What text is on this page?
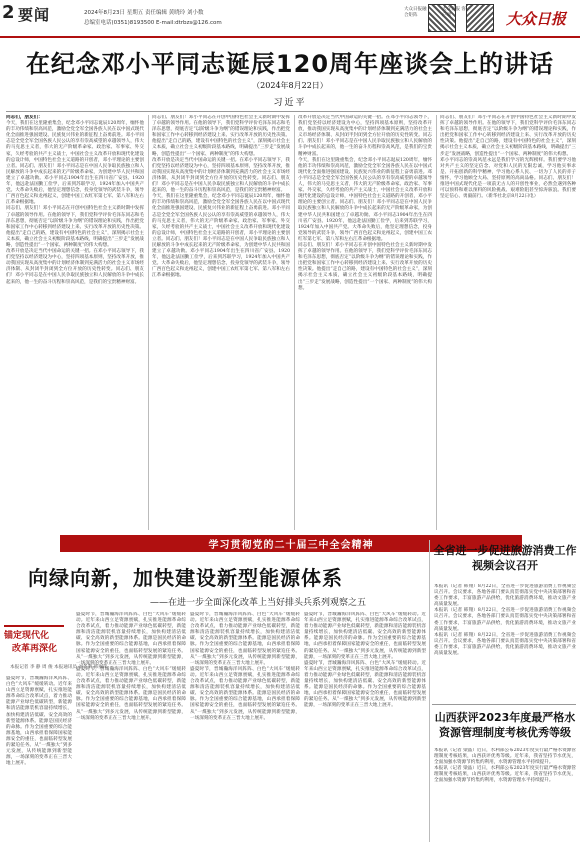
2 要闻	2024年8月23日 星期五 责任编辑 黄晓玲 刘小数
总编室电话(0351)8193500 E-mail:dtrbzs@126.com
大众日报融合矩阵
大众日报 客户端	大众日报
在纪念邓小平同志诞辰120周年座谈会上的讲话
（2024年8月22日）
习近平

同志们，朋友们：

今天，我们在这里隆重集会，纪念邓小平同志诞辰120周年，缅怀他的丰功伟绩和崇高风范，激励全党全军全国各族人民在以中国式现代化全面推进强国建设、民族复兴伟业的新征程上奋勇前进。邓小平同志是全党全军全国各族人民公认的享有崇高威望的卓越领导人，伟大的马克思主义者，伟大的无产阶级革命家、政治家、军事家、外交家，久经考验的共产主义战士，中国社会主义改革开放和现代化建设的总设计师，中国特色社会主义道路的开创者，邓小平理论的主要创立者。同志们、朋友们！邓小平同志是在中国人民争取民族独立和人民解放的斗争中成长起来的无产阶级革命家，为创建中华人民共和国建立了卓越功勋。邓小平同志1904年出生在四川省广安县。1920年，他远赴法国勤工俭学，后来到苏联学习，1924年加入中国共产党。大革命失败后，他坚定理想信念，投身党领导的武装斗争，领导广西百色起义和龙州起义，创建中国工农红军第七军、第八军和左右江革命根据地。

同志们、朋友们！邓小平同志在开创中国特色社会主义新时期中发挥了卓越的领导作用。在他的领导下，我们党科学评价毛泽东同志和毛泽东思想，彻底否定“以阶级斗争为纲”的错误理论和实践，作出把党和国家工作中心转移到经济建设上来、实行改革开放的历史性决策。他提出“走自己的路，建设有中国特色的社会主义”，深刻揭示社会主义本质，确立社会主义初级阶段基本路线，明确提出“三步走”发展战略，创造性提出“一个国家、两种制度”的伟大构想。

改革开放是决定当代中国命运的关键一招。在邓小平同志领导下，我们党坚持以经济建设为中心，坚持四项基本原则，坚持改革开放，推动我国实现从高度集中的计划经济体制到充满活力的社会主义市场经济体制、从封闭半封闭到全方位开放的历史性转变。同志们、朋友们！邓小平同志是在中国人民争取民族独立和人民解放的斗争中成长起来的，他一生的奋斗历程和崇高风范，是我们的宝贵精神财富。

同志们、朋友们！邓小平同志在开创中国特色社会主义新时期中发挥了卓越的领导作用。在他的领导下，我们党科学评价毛泽东同志和毛泽东思想，彻底否定“以阶级斗争为纲”的错误理论和实践，作出把党和国家工作中心转移到经济建设上来、实行改革开放的历史性决策。他提出“走自己的路，建设有中国特色的社会主义”，深刻揭示社会主义本质，确立社会主义初级阶段基本路线，明确提出“三步走”发展战略，创造性提出“一个国家、两种制度”的伟大构想。

改革开放是决定当代中国命运的关键一招。在邓小平同志领导下，我们党坚持以经济建设为中心，坚持四项基本原则，坚持改革开放，推动我国实现从高度集中的计划经济体制到充满活力的社会主义市场经济体制、从封闭半封闭到全方位开放的历史性转变。同志们、朋友们！邓小平同志是在中国人民争取民族独立和人民解放的斗争中成长起来的，他一生的奋斗历程和崇高风范，是我们的宝贵精神财富。

今天，我们在这里隆重集会，纪念邓小平同志诞辰120周年，缅怀他的丰功伟绩和崇高风范，激励全党全军全国各族人民在以中国式现代化全面推进强国建设、民族复兴伟业的新征程上奋勇前进。邓小平同志是全党全军全国各族人民公认的享有崇高威望的卓越领导人，伟大的马克思主义者，伟大的无产阶级革命家、政治家、军事家、外交家，久经考验的共产主义战士，中国社会主义改革开放和现代化建设的总设计师，中国特色社会主义道路的开创者，邓小平理论的主要创立者。同志们、朋友们！邓小平同志是在中国人民争取民族独立和人民解放的斗争中成长起来的无产阶级革命家，为创建中华人民共和国建立了卓越功勋。邓小平同志1904年出生在四川省广安县。1920年，他远赴法国勤工俭学，后来到苏联学习，1924年加入中国共产党。大革命失败后，他坚定理想信念，投身党领导的武装斗争，领导广西百色起义和龙州起义，创建中国工农红军第七军、第八军和左右江革命根据地。

改革开放是决定当代中国命运的关键一招。在邓小平同志领导下，我们党坚持以经济建设为中心，坚持四项基本原则，坚持改革开放，推动我国实现从高度集中的计划经济体制到充满活力的社会主义市场经济体制、从封闭半封闭到全方位开放的历史性转变。同志们、朋友们！邓小平同志是在中国人民争取民族独立和人民解放的斗争中成长起来的，他一生的奋斗历程和崇高风范，是我们的宝贵精神财富。

今天，我们在这里隆重集会，纪念邓小平同志诞辰120周年，缅怀他的丰功伟绩和崇高风范，激励全党全军全国各族人民在以中国式现代化全面推进强国建设、民族复兴伟业的新征程上奋勇前进。邓小平同志是全党全军全国各族人民公认的享有崇高威望的卓越领导人，伟大的马克思主义者，伟大的无产阶级革命家、政治家、军事家、外交家，久经考验的共产主义战士，中国社会主义改革开放和现代化建设的总设计师，中国特色社会主义道路的开创者，邓小平理论的主要创立者。同志们、朋友们！邓小平同志是在中国人民争取民族独立和人民解放的斗争中成长起来的无产阶级革命家，为创建中华人民共和国建立了卓越功勋。邓小平同志1904年出生在四川省广安县。1920年，他远赴法国勤工俭学，后来到苏联学习，1924年加入中国共产党。大革命失败后，他坚定理想信念，投身党领导的武装斗争，领导广西百色起义和龙州起义，创建中国工农红军第七军、第八军和左右江革命根据地。

同志们、朋友们！邓小平同志在开创中国特色社会主义新时期中发挥了卓越的领导作用。在他的领导下，我们党科学评价毛泽东同志和毛泽东思想，彻底否定“以阶级斗争为纲”的错误理论和实践，作出把党和国家工作中心转移到经济建设上来、实行改革开放的历史性决策。他提出“走自己的路，建设有中国特色的社会主义”，深刻揭示社会主义本质，确立社会主义初级阶段基本路线，明确提出“三步走”发展战略，创造性提出“一个国家、两种制度”的伟大构想。

同志们、朋友们！邓小平同志在开创中国特色社会主义新时期中发挥了卓越的领导作用。在他的领导下，我们党科学评价毛泽东同志和毛泽东思想，彻底否定“以阶级斗争为纲”的错误理论和实践，作出把党和国家工作中心转移到经济建设上来、实行改革开放的历史性决策。他提出“走自己的路，建设有中国特色的社会主义”，深刻揭示社会主义本质，确立社会主义初级阶段基本路线，明确提出“三步走”发展战略，创造性提出“一个国家、两种制度”的伟大构想。

邓小平同志的崇高风范永远是我们学习的光辉榜样。我们要学习他对共产主义的坚定信念、对党和人民的无限忠诚，学习他实事求是、开拓创新的科学精神，学习他心系人民、一切为了人民的赤子情怀，学习他顾全大局、坚持原则的高尚品格。同志们、朋友们！推进中国式现代化是一项前无古人的开创性事业，必然会遇到各种可以预料和难以预料的风险挑战、艰难险阻甚至惊涛骇浪。我们要坚定信心、勇毅前行。（新华社北京8月22日电）

学习贯彻党的二十届三中全会精神
向绿向新，加快建设新型能源体系
——在进一步全面深化改革上当好排头兵系列观察之五
锚定现代化
改革再深化
本报记者 李 静 周 俊 本报通讯员 刘冬利 韩丽萍

盛夏时节，晋城瀚海洋风阵阵、白色“大风车”缓缓转动。近年来山西立足资源禀赋，扎实推进能源革命综合改革试点，着力推动能源产业绿色低碳转型，新能源和清洁能源装机容量持续增长，加快构建清洁低碳、安全高效的新型能源体系。能源是国民经济的命脉。作为全国重要的综合能源基地，山西承担着保障国家能源安全的重任，也面临转型发展的紧迫任务。从“一煤独大”到多元发展，从传统能源到新型能源，一场深刻的变革正在三晋大地上展开。

盛夏时节，晋城瀚海洋风阵阵、白色“大风车”缓缓转动。近年来山西立足资源禀赋，扎实推进能源革命综合改革试点，着力推动能源产业绿色低碳转型，新能源和清洁能源装机容量持续增长，加快构建清洁低碳、安全高效的新型能源体系。能源是国民经济的命脉。作为全国重要的综合能源基地，山西承担着保障国家能源安全的重任，也面临转型发展的紧迫任务。从“一煤独大”到多元发展，从传统能源到新型能源，一场深刻的变革正在三晋大地上展开。

盛夏时节，晋城瀚海洋风阵阵、白色“大风车”缓缓转动。近年来山西立足资源禀赋，扎实推进能源革命综合改革试点，着力推动能源产业绿色低碳转型，新能源和清洁能源装机容量持续增长，加快构建清洁低碳、安全高效的新型能源体系。能源是国民经济的命脉。作为全国重要的综合能源基地，山西承担着保障国家能源安全的重任，也面临转型发展的紧迫任务。从“一煤独大”到多元发展，从传统能源到新型能源，一场深刻的变革正在三晋大地上展开。

盛夏时节，晋城瀚海洋风阵阵、白色“大风车”缓缓转动。近年来山西立足资源禀赋，扎实推进能源革命综合改革试点，着力推动能源产业绿色低碳转型，新能源和清洁能源装机容量持续增长，加快构建清洁低碳、安全高效的新型能源体系。能源是国民经济的命脉。作为全国重要的综合能源基地，山西承担着保障国家能源安全的重任，也面临转型发展的紧迫任务。从“一煤独大”到多元发展，从传统能源到新型能源，一场深刻的变革正在三晋大地上展开。

盛夏时节，晋城瀚海洋风阵阵、白色“大风车”缓缓转动。近年来山西立足资源禀赋，扎实推进能源革命综合改革试点，着力推动能源产业绿色低碳转型，新能源和清洁能源装机容量持续增长，加快构建清洁低碳、安全高效的新型能源体系。能源是国民经济的命脉。作为全国重要的综合能源基地，山西承担着保障国家能源安全的重任，也面临转型发展的紧迫任务。从“一煤独大”到多元发展，从传统能源到新型能源，一场深刻的变革正在三晋大地上展开。

盛夏时节，晋城瀚海洋风阵阵、白色“大风车”缓缓转动。近年来山西立足资源禀赋，扎实推进能源革命综合改革试点，着力推动能源产业绿色低碳转型，新能源和清洁能源装机容量持续增长，加快构建清洁低碳、安全高效的新型能源体系。能源是国民经济的命脉。作为全国重要的综合能源基地，山西承担着保障国家能源安全的重任，也面临转型发展的紧迫任务。从“一煤独大”到多元发展，从传统能源到新型能源，一场深刻的变革正在三晋大地上展开。

盛夏时节，晋城瀚海洋风阵阵、白色“大风车”缓缓转动。近年来山西立足资源禀赋，扎实推进能源革命综合改革试点，着力推动能源产业绿色低碳转型，新能源和清洁能源装机容量持续增长，加快构建清洁低碳、安全高效的新型能源体系。能源是国民经济的命脉。作为全国重要的综合能源基地，山西承担着保障国家能源安全的重任，也面临转型发展的紧迫任务。从“一煤独大”到多元发展，从传统能源到新型能源，一场深刻的变革正在三晋大地上展开。

全省进一步促进旅游消费工作视频会议召开

本报讯（记者 韩翔）8月22日，全省进一步促进旅游消费工作视频会议召开。会议要求，各地各部门要认真贯彻落实党中央决策部署和省委工作要求，丰富旅游产品供给，优化旅游消费环境，推动文旅产业高质量发展。

本报讯（记者 韩翔）8月22日，全省进一步促进旅游消费工作视频会议召开。会议要求，各地各部门要认真贯彻落实党中央决策部署和省委工作要求，丰富旅游产品供给，优化旅游消费环境，推动文旅产业高质量发展。

本报讯（记者 韩翔）8月22日，全省进一步促进旅游消费工作视频会议召开。会议要求，各地各部门要认真贯彻落实党中央决策部署和省委工作要求，丰富旅游产品供给，优化旅游消费环境，推动文旅产业高质量发展。

山西获评2023年度最严格水资源管理制度考核优秀等级

本报讯（记者 梁晶）近日，水利部公布2023年度实行最严格水资源管理制度考核结果，山西获评优秀等级。近年来，我省坚持节水优先，全面加强水资源节约集约利用，水资源管理水平持续提升。

本报讯（记者 梁晶）近日，水利部公布2023年度实行最严格水资源管理制度考核结果，山西获评优秀等级。近年来，我省坚持节水优先，全面加强水资源节约集约利用，水资源管理水平持续提升。
